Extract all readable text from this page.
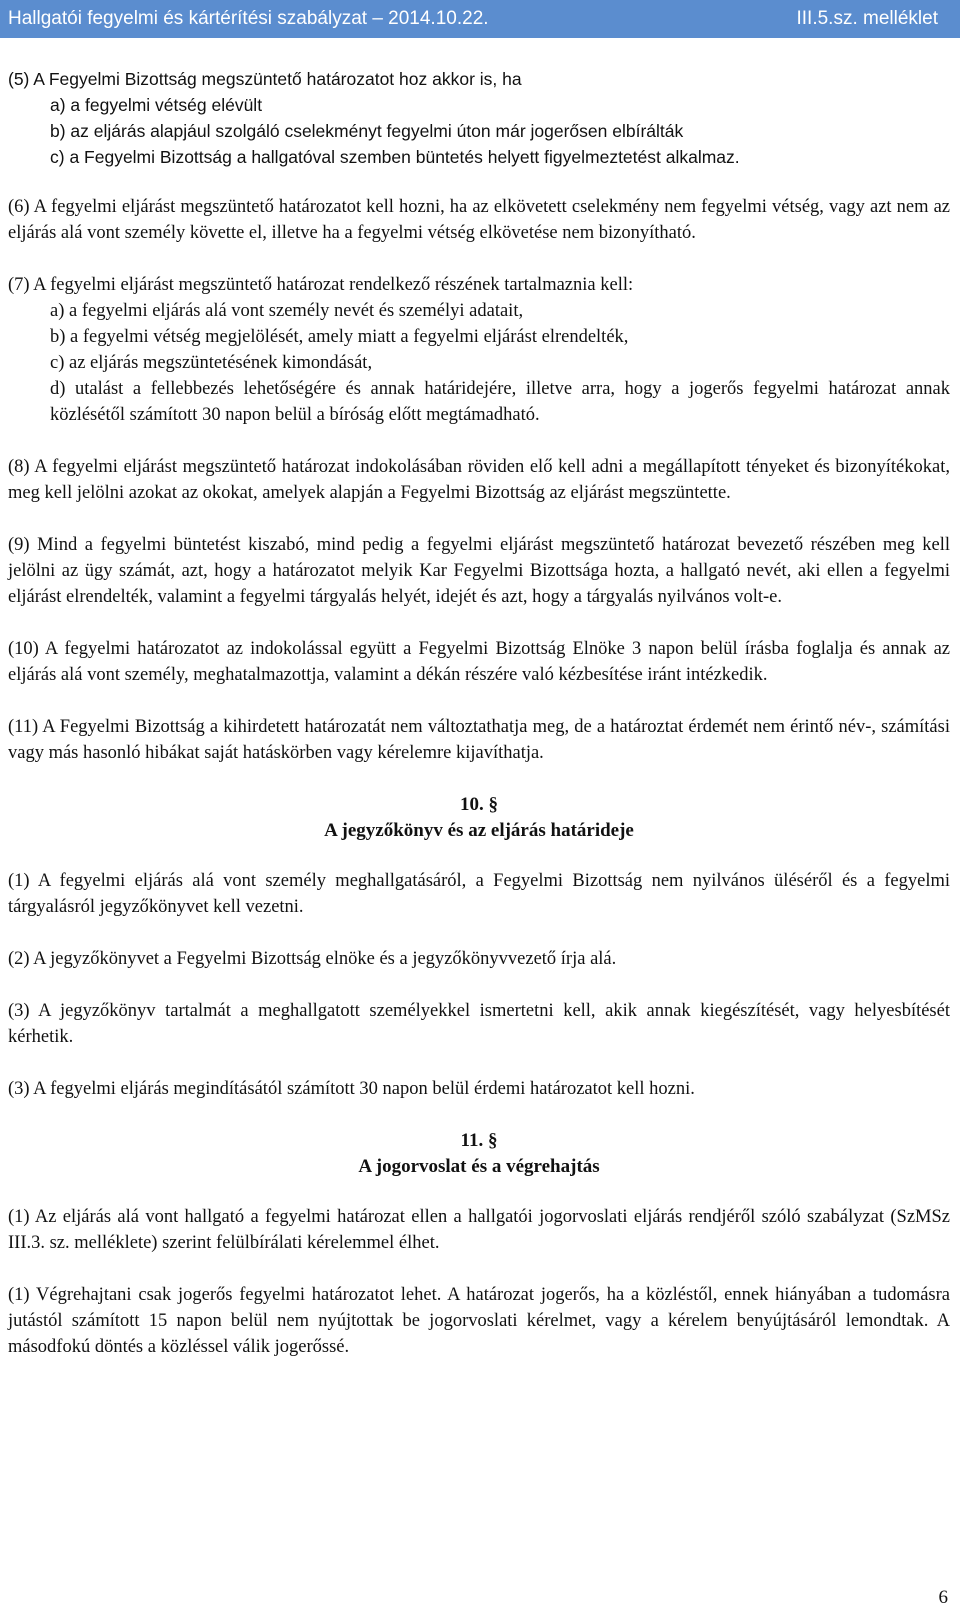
Hallgatói fegyelmi és kártérítési szabályzat – 2014.10.22.	III.5.sz. melléklet

(5) A Fegyelmi Bizottság megszüntető határozatot hoz akkor is, ha

a) a fegyelmi vétség elévült

b) az eljárás alapjául szolgáló cselekményt fegyelmi úton már jogerősen elbírálták

c) a Fegyelmi Bizottság a hallgatóval szemben büntetés helyett figyelmeztetést alkalmaz.

(6) A fegyelmi eljárást megszüntető határozatot kell hozni, ha az elkövetett cselekmény nem fegyelmi vétség, vagy azt nem az eljárás alá vont személy követte el, illetve ha a fegyelmi vétség elkövetése nem bizonyítható.

(7) A fegyelmi eljárást megszüntető határozat rendelkező részének tartalmaznia kell:

a) a fegyelmi eljárás alá vont személy nevét és személyi adatait,

b) a fegyelmi vétség megjelölését, amely miatt a fegyelmi eljárást elrendelték,

c) az eljárás megszüntetésének kimondását,

d) utalást a fellebbezés lehetőségére és annak határidejére, illetve arra, hogy a jogerős fegyelmi határozat annak közlésétől számított 30 napon belül a bíróság előtt megtámadható.

(8) A fegyelmi eljárást megszüntető határozat indokolásában röviden elő kell adni a megállapított tényeket és bizonyítékokat, meg kell jelölni azokat az okokat, amelyek alapján a Fegyelmi Bizottság az eljárást megszüntette.

(9) Mind a fegyelmi büntetést kiszabó, mind pedig a fegyelmi eljárást megszüntető határozat bevezető részében meg kell jelölni az ügy számát, azt, hogy a határozatot melyik Kar Fegyelmi Bizottsága hozta, a hallgató nevét, aki ellen a fegyelmi eljárást elrendelték, valamint a fegyelmi tárgyalás helyét, idejét és azt, hogy a tárgyalás nyilvános volt-e.

(10) A fegyelmi határozatot az indokolással együtt a Fegyelmi Bizottság Elnöke 3 napon belül írásba foglalja és annak az eljárás alá vont személy, meghatalmazottja, valamint a dékán részére való kézbesítése iránt intézkedik.

(11) A Fegyelmi Bizottság a kihirdetett határozatát nem változtathatja meg, de a határoztat érdemét nem érintő név-, számítási vagy más hasonló hibákat saját hatáskörben vagy kérelemre kijavíthatja.

10. §

A jegyzőkönyv és az eljárás határideje

(1) A fegyelmi eljárás alá vont személy meghallgatásáról, a Fegyelmi Bizottság nem nyilvános üléséről és a fegyelmi tárgyalásról jegyzőkönyvet kell vezetni.

(2) A jegyzőkönyvet a Fegyelmi Bizottság elnöke és a jegyzőkönyvvezető írja alá.

(3) A jegyzőkönyv tartalmát a meghallgatott személyekkel ismertetni kell, akik annak kiegészítését, vagy helyesbítését kérhetik.

(3) A fegyelmi eljárás megindításától számított 30 napon belül érdemi határozatot kell hozni.

11. §

A jogorvoslat és a végrehajtás

(1) Az eljárás alá vont hallgató a fegyelmi határozat ellen a hallgatói jogorvoslati eljárás rendjéről szóló szabályzat (SzMSz III.3. sz. melléklete) szerint felülbírálati kérelemmel élhet.

(1) Végrehajtani csak jogerős fegyelmi határozatot lehet. A határozat jogerős, ha a közléstől, ennek hiányában a tudomásra jutástól számított 15 napon belül nem nyújtottak be jogorvoslati kérelmet, vagy a kérelem benyújtásáról lemondtak. A másodfokú döntés a közléssel válik jogerőssé.

6
